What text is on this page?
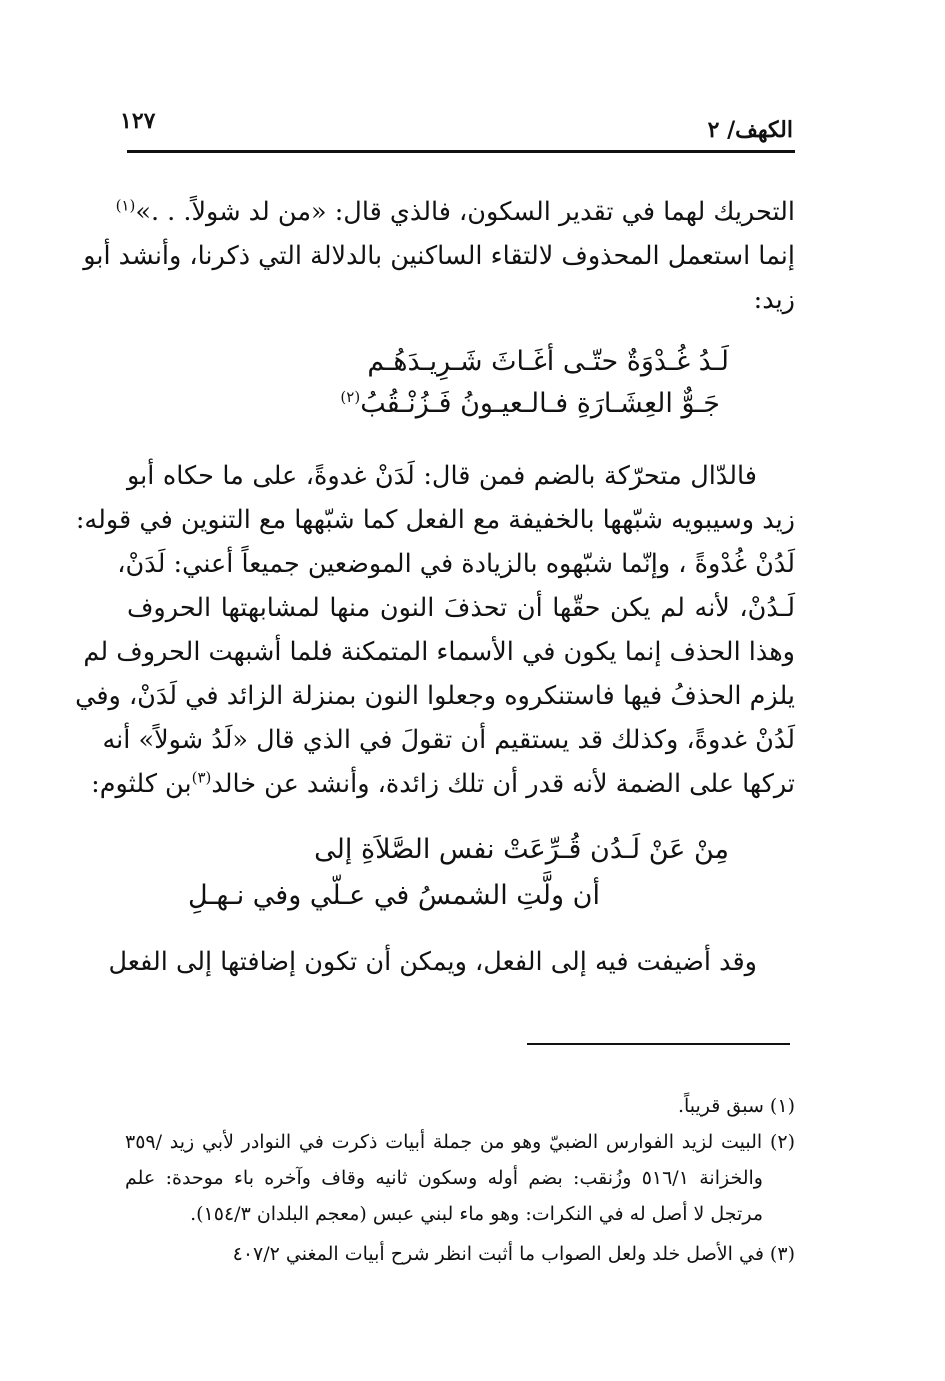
الكهف/ ٢
١٢٧
التحريك لهما في تقدير السكون، فالذي قال: «من لد شولاً. . .»$^{(١)}$
إنما استعمل المحذوف لالتقاء الساكنين بالدلالة التي ذكرنا، وأنشد أبو
زيد:
لَـدُ غُـدْوَةٌ حتّـى أغَـاثَ شَـرِيـدَهُـم
جَـوٌّ العِشَـارَةِ فـالـعيـونُ فَـزُنْـقُبُ$^{(٢)}$
فالدّال متحرّكة بالضم فمن قال: لَدَنْ غدوةً، على ما حكاه أبو
زيد وسيبويه شبّهها بالخفيفة مع الفعل كما شبّهها مع التنوين في قوله:
لَدُنْ غُدْوةً ، وإنّما شبّهوه بالزيادة في الموضعين جميعاً أعني: لَدَنْ،
لَـدُنْ، لأنه لم يكن حقّها أن تحذفَ النون منها لمشابهتها الحروف
وهذا الحذف إنما يكون في الأسماء المتمكنة فلما أشبهت الحروف لم
يلزم الحذفُ فيها فاستنكروه وجعلوا النون بمنزلة الزائد في لَدَنْ، وفي
لَدُنْ غدوةً، وكذلك قد يستقيم أن تقولَ في الذي قال «لَدُ شولاً» أنه
تركها على الضمة لأنه قدر أن تلك زائدة، وأنشد عن خالد$^{(٣)}$بن كلثوم:
مِنْ عَنْ لَـدُن قُـرِّعَتْ نفس الصَّلاَةِ إلى
أن ولَّتِ الشمسُ في عـلّي وفي نـهـلِ
وقد أضيفت فيه إلى الفعل، ويمكن أن تكون إضافتها إلى الفعل

(١) سبق قريباً.

(٢) البيت لزيد الفوارس الضبيّ وهو من جملة أبيات ذكرت في النوادر لأبي زيد /٣٥٩
والخزانة ٥١٦/١ وزُنقب: بضم أوله وسكون ثانيه وقاف وآخره باء موحدة: علم
مرتجل لا أصل له في النكرات: وهو ماء لبني عبس (معجم البلدان ١٥٤/٣).

(٣) في الأصل خلد ولعل الصواب ما أثبت انظر شرح أبيات المغني ٤٠٧/٢
